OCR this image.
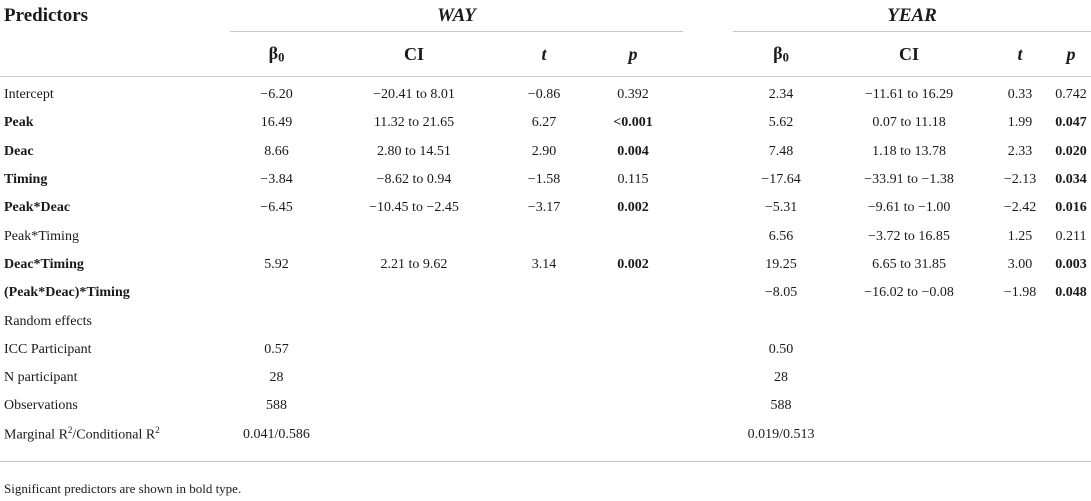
Predictors	WAY					YEAR			

	β0	CI	t	p		β0	CI	t	p

Intercept	−6.20	−20.41 to 8.01	−0.86	0.392		2.34	−11.61 to 16.29	0.33	0.742
Peak	16.49	11.32 to 21.65	6.27	<0.001		5.62	0.07 to 11.18	1.99	0.047
Deac	8.66	2.80 to 14.51	2.90	0.004		7.48	1.18 to 13.78	2.33	0.020
Timing	−3.84	−8.62 to 0.94	−1.58	0.115		−17.64	−33.91 to −1.38	−2.13	0.034
Peak*Deac	−6.45	−10.45 to −2.45	−3.17	0.002		−5.31	−9.61 to −1.00	−2.42	0.016
Peak*Timing						6.56	−3.72 to 16.85	1.25	0.211
Deac*Timing	5.92	2.21 to 9.62	3.14	0.002		19.25	6.65 to 31.85	3.00	0.003
(Peak*Deac)*Timing						−8.05	−16.02 to −0.08	−1.98	0.048
Random effects									
ICC Participant	0.57					0.50			
N participant	28					28			
Observations	588					588			
Marginal $R^2$/Conditional $R^2$	0.041/0.586					0.019/0.513			

Significant predictors are shown in bold type.
